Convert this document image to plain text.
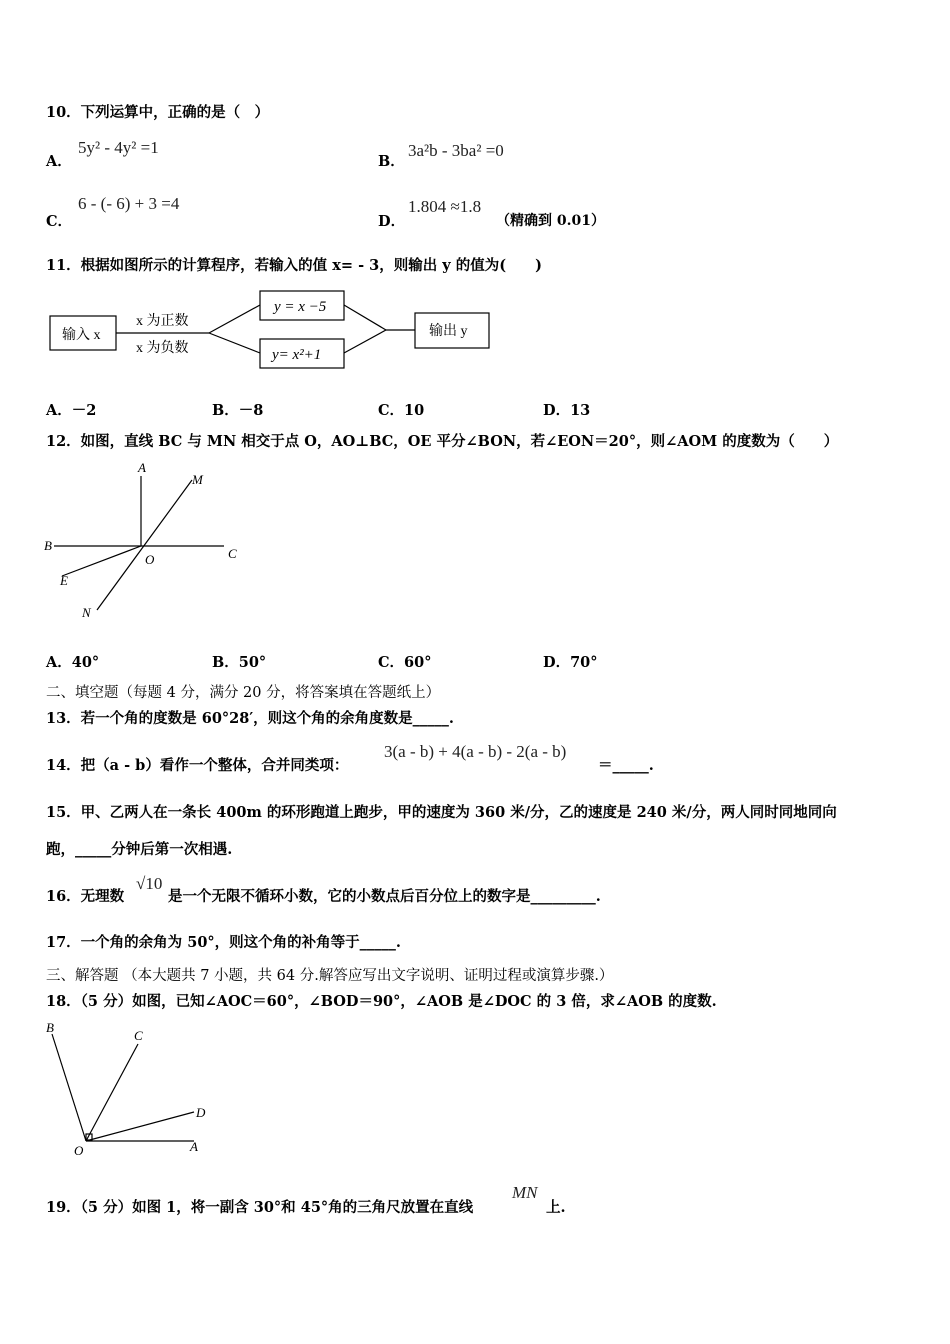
10．下列运算中，正确的是（　）
A．
5y² - 4y² =1
B．
3a²b - 3ba² =0
C．
6 - (- 6) + 3 =4
D．
1.804 ≈1.8
（精确到 0.01）
11．根据如图所示的计算程序，若输入的值 x= - 3，则输出 y 的值为(　　)
输入 x
x 为正数
x 为负数
y = x −5
y= x²+1
输出 y
A．－2	B．－8	C．10	D．13
12．如图，直线 BC 与 MN 相交于点 O，AO⊥BC，OE 平分∠BON，若∠EON＝20°，则∠AOM 的度数为（　　）
A
M
B
C
O
E
N
A．40°	B．50°	C．60°	D．70°
二、填空题（每题 4 分，满分 20 分，将答案填在答题纸上）
13．若一个角的度数是 60°28′，则这个角的余角度数是_____.
14．把（a - b）看作一个整体，合并同类项：
3(a - b) + 4(a - b) - 2(a - b)
＝_____.
15．甲、乙两人在一条长 400m 的环形跑道上跑步，甲的速度为 360 米/分，乙的速度是 240 米/分，两人同时同地同向
跑，_____分钟后第一次相遇.
16．无理数
√10
是一个无限不循环小数，它的小数点后百分位上的数字是_________.
17．一个角的余角为 50°，则这个角的补角等于_____.
三、解答题 （本大题共 7 小题，共 64 分.解答应写出文字说明、证明过程或演算步骤.）
18．（5 分）如图，已知∠AOC＝60°，∠BOD＝90°，∠AOB 是∠DOC 的 3 倍，求∠AOB 的度数.
B
C
D
O	A
19．（5 分）如图 1，将一副含 30°和 45°角的三角尺放置在直线
MN
上.
